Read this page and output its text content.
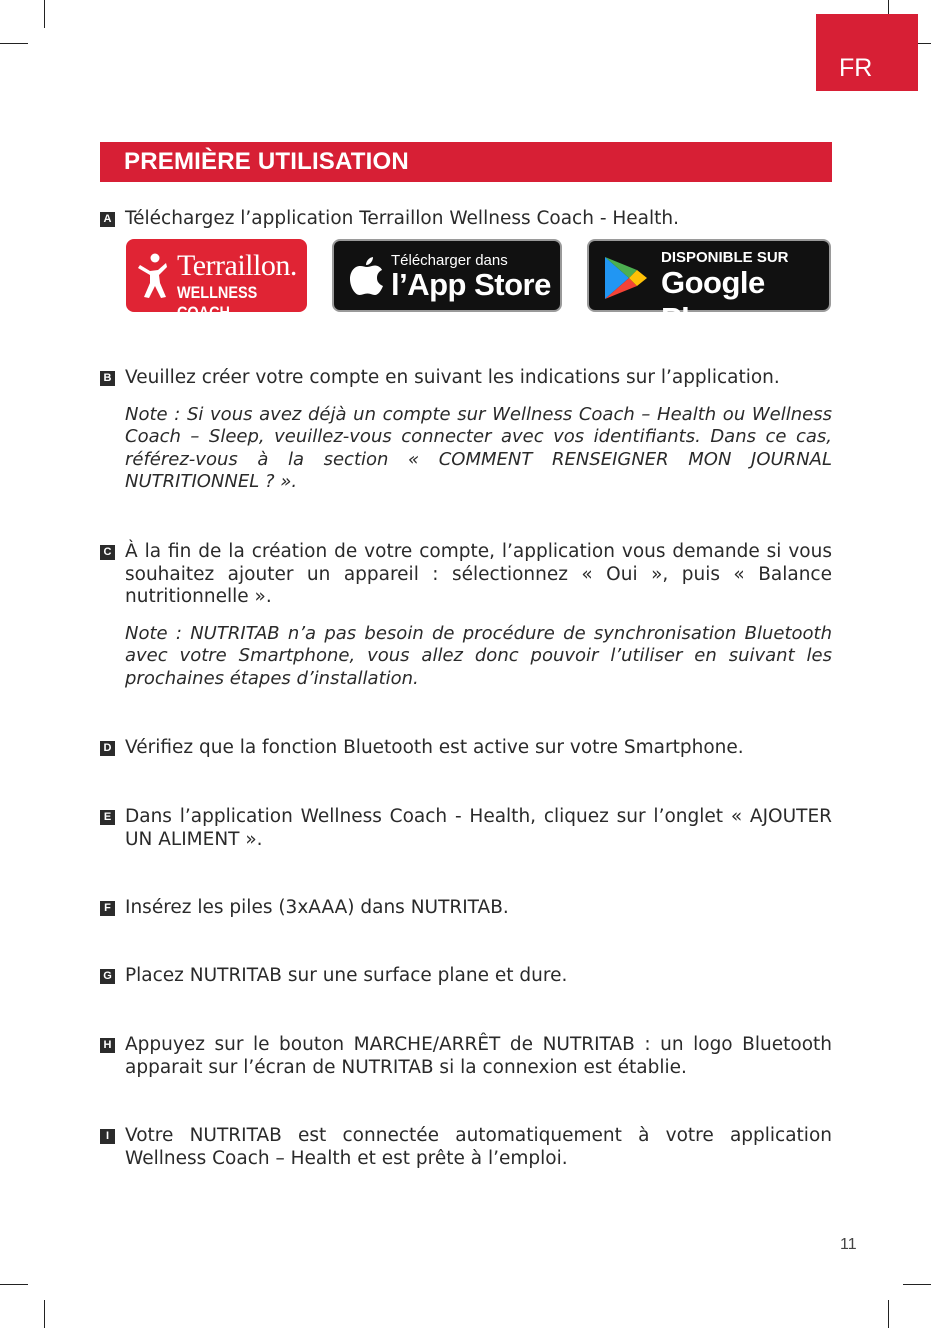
FR
PREMIÈRE UTILISATION
A Téléchargez l’application Terraillon Wellness Coach - Health.

Terraillon.
WELLNESS COACH
Télécharger dans
l’App Store
DISPONIBLE SUR
Google Play
B Veuillez créer votre compte en suivant les indications sur l’application.

Note : Si vous avez déjà un compte sur Wellness Coach – Health ou Wellness Coach – Sleep, veuillez-vous connecter avec vos identifiants. Dans ce cas, référez-vous à la section « COMMENT RENSEIGNER MON JOURNAL NUTRITIONNEL ? ».

C À la fin de la création de votre compte, l’application vous demande si vous souhaitez ajouter un appareil : sélectionnez « Oui », puis « Balance nutritionnelle ».

Note : NUTRITAB n’a pas besoin de procédure de synchronisation Bluetooth avec votre Smartphone, vous allez donc pouvoir l’utiliser en suivant les prochaines étapes d’installation.

D Vérifiez que la fonction Bluetooth est active sur votre Smartphone.

E Dans l’application Wellness Coach - Health, cliquez sur l’onglet « AJOUTER UN ALIMENT ».

F Insérez les piles (3xAAA) dans NUTRITAB.

G Placez NUTRITAB sur une surface plane et dure.

H Appuyez sur le bouton MARCHE/ARRÊT de NUTRITAB : un logo Bluetooth apparait sur l’écran de NUTRITAB si la connexion est établie.

I Votre NUTRITAB est connectée automatiquement à votre application Wellness Coach – Health et est prête à l’emploi.

11
